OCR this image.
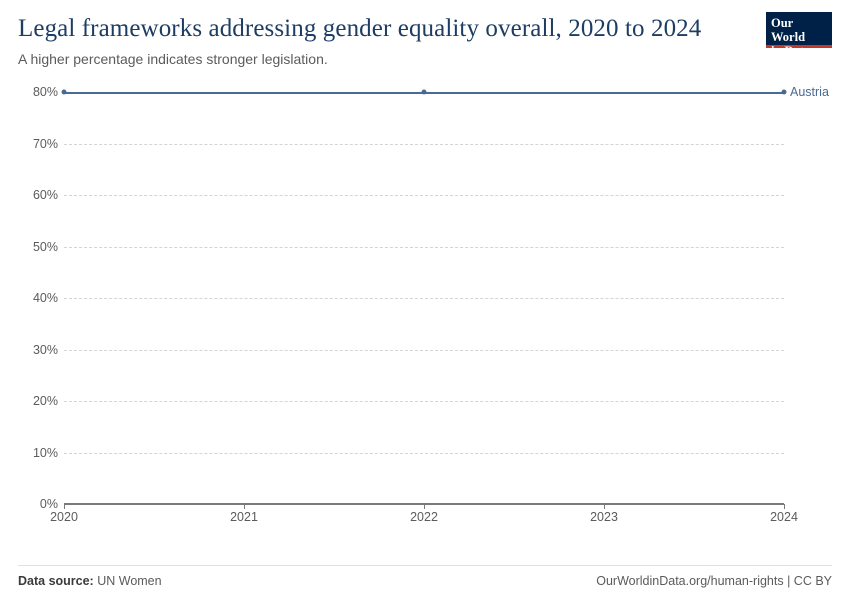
Legal frameworks addressing gender equality overall, 2020 to 2024
A higher percentage indicates stronger legislation.
Our World
in Data
0%
10%
20%
30%
40%
50%
60%
70%
80%
2020	2021	2022	2023	2024
Austria
Data source: UN Women	OurWorldinData.org/human-rights | CC BY
